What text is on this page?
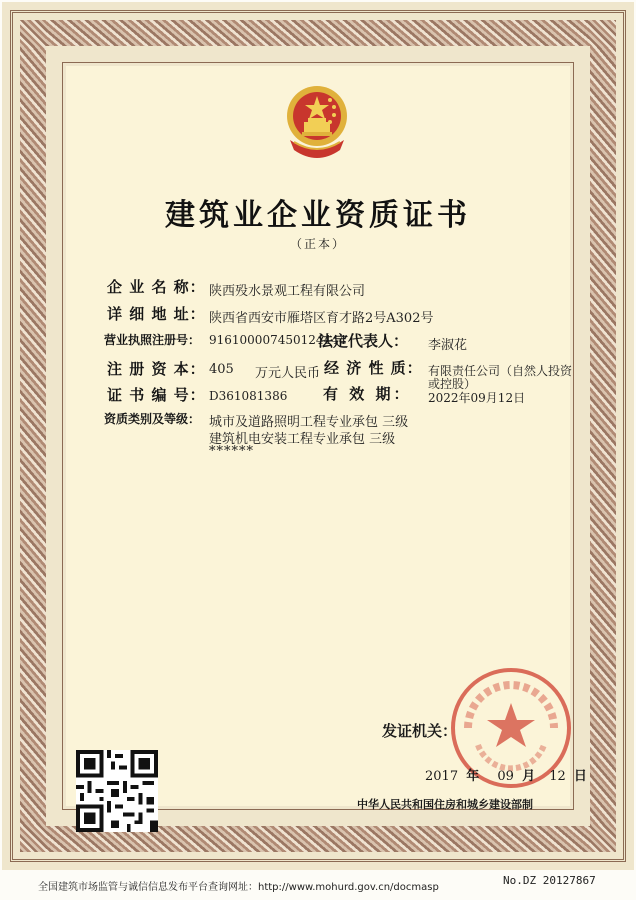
建筑业企业资质证书
（正本）
企 业 名 称： 陕西殁水景观工程有限公司
详 细 地 址： 陕西省西安市雁塔区育才路2号A302号
营业执照注册号： 916100007450124444
法定代表人： 李淑花
注 册 资 本： 405 万元人民币 经 济 性 质： 有限责任公司（自然人投资
或控股）
证 书 编 号： D361081386 有 效 期： 2022年09月12日
资质类别及等级： 城市及道路照明工程专业承包 三级
建筑机电安装工程专业承包 三级
******
发证机关：
2017 年 09 月 12 日
中华人民共和国住房和城乡建设部制
全国建筑市场监管与诚信信息发布平台查询网址：http://www.mohurd.gov.cn/docmasp
No.DZ 20127867
